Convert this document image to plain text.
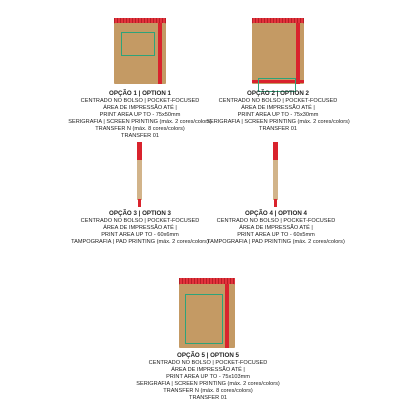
OPÇÃO 1 | OPTION 1
CENTRADO NO BOLSO | POCKET-FOCUSED
ÁREA DE IMPRESSÃO ATÉ |
PRINT AREA UP TO - 75x50mm
SERIGRAFIA | SCREEN PRINTING (máx. 2 cores/colors)
TRANSFER N (máx. 8 cores/colors)
TRANSFER 01
OPÇÃO 2 | OPTION 2
CENTRADO NO BOLSO | POCKET-FOCUSED
ÁREA DE IMPRESSÃO ATÉ |
PRINT AREA UP TO - 75x30mm
SERIGRAFIA | SCREEN PRINTING (máx. 2 cores/colors)
TRANSFER 01
OPÇÃO 3 | OPTION 3
CENTRADO NO BOLSO | POCKET-FOCUSED
ÁREA DE IMPRESSÃO ATÉ |
PRINT AREA UP TO - 60x6mm
TAMPOGRAFIA | PAD PRINTING (máx. 2 cores/colors)
OPÇÃO 4 | OPTION 4
CENTRADO NO BOLSO | POCKET-FOCUSED
ÁREA DE IMPRESSÃO ATÉ |
PRINT AREA UP TO - 60x5mm
TAMPOGRAFIA | PAD PRINTING (máx. 2 cores/colors)
OPÇÃO 5 | OPTION 5
CENTRADO NO BOLSO | POCKET-FOCUSED
ÁREA DE IMPRESSÃO ATÉ |
PRINT AREA UP TO - 75x103mm
SERIGRAFIA | SCREEN PRINTING (máx. 2 cores/colors)
TRANSFER N (máx. 8 cores/colors)
TRANSFER 01
